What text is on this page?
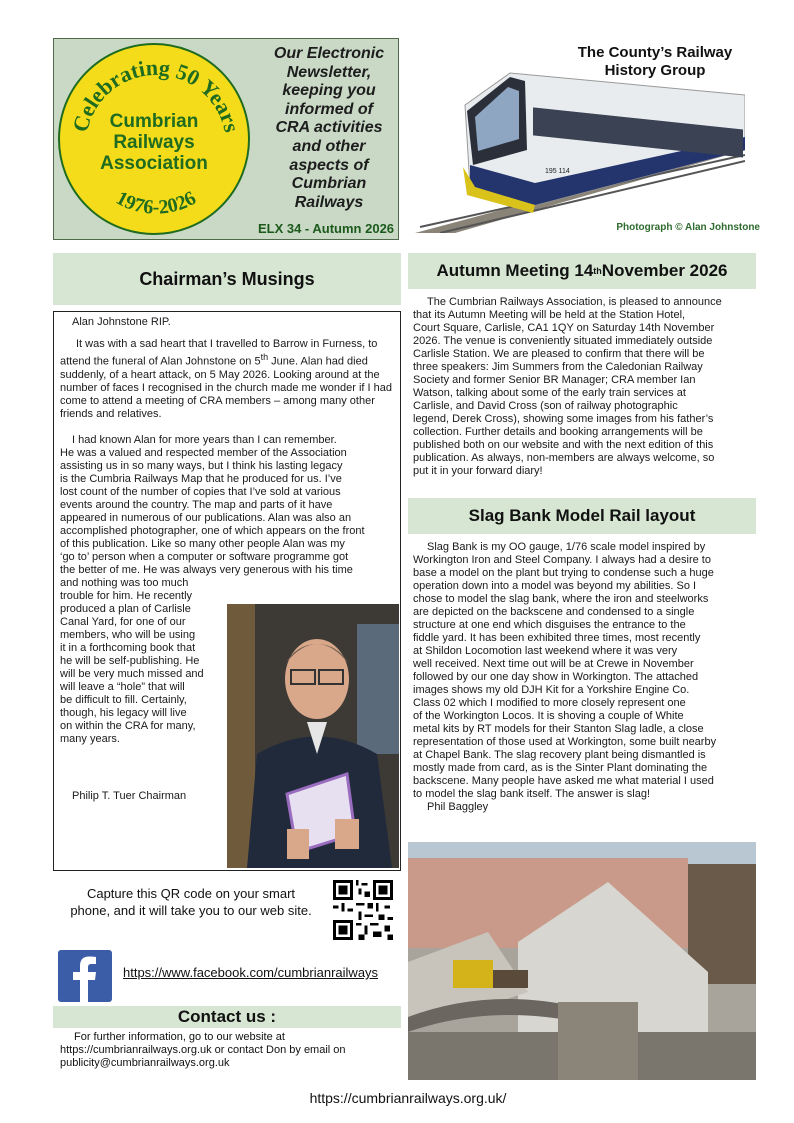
Celebrating 50 Years
Cumbrian
Railways
Association
1976-2026
Our Electronic
Newsletter,
keeping you
informed of
CRA activities
and other
aspects of
Cumbrian
Railways
ELX 34 - Autumn 2026
The County’s Railway
History Group
195 114
Photograph © Alan Johnstone
Chairman’s Musings
Alan Johnstone RIP.

It was with a sad heart that I travelled to Barrow in Furness, to attend the funeral of Alan Johnstone on 5th June. Alan had died suddenly, of a heart attack, on 5 May 2026. Looking around at the number of faces I recognised in the church made me wonder if I had come to attend a meeting of CRA members – among many other friends and relatives.

I had known Alan for more years than I can remember.
He was a valued and respected member of the Association
assisting us in so many ways, but I think his lasting legacy
is the Cumbria Railways Map that he produced for us. I’ve
lost count of the number of copies that I’ve sold at various
events around the country. The map and parts of it have
appeared in numerous of our publications. Alan was also an
accomplished photographer, one of which appears on the front
of this publication. Like so many other people Alan was my
‘go to’ person when a computer or software programme got
the better of me. He was always very generous with his time
and nothing was too much
trouble for him. He recently
produced a plan of Carlisle
Canal Yard, for one of our
members, who will be using
it in a forthcoming book that
he will be self-publishing. He
will be very much missed and
will leave a “hole” that will
be difficult to fill. Certainly,
though, his legacy will live
on within the CRA for many,
many years.
Philip T. Tuer Chairman
Autumn Meeting 14 th November 2026
The Cumbrian Railways Association, is pleased to announce
that its Autumn Meeting will be held at the Station Hotel,
Court Square, Carlisle, CA1 1QY on Saturday 14th November
2026. The venue is conveniently situated immediately outside
Carlisle Station. We are pleased to confirm that there will be
three speakers: Jim Summers from the Caledonian Railway
Society and former Senior BR Manager; CRA member Ian
Watson, talking about some of the early train services at
Carlisle, and David Cross (son of railway photographic
legend, Derek Cross), showing some images from his father’s
collection. Further details and booking arrangements will be
published both on our website and with the next edition of this
publication. As always, non-members are always welcome, so
put it in your forward diary!
Slag Bank Model Rail layout
Slag Bank is my OO gauge, 1/76 scale model inspired by
Workington Iron and Steel Company. I always had a desire to
base a model on the plant but trying to condense such a huge
operation down into a model was beyond my abilities. So I
chose to model the slag bank, where the iron and steelworks
are depicted on the backscene and condensed to a single
structure at one end which disguises the entrance to the
fiddle yard. It has been exhibited three times, most recently
at Shildon Locomotion last weekend where it was very
well received. Next time out will be at Crewe in November
followed by our one day show in Workington. The attached
images shows my old DJH Kit for a Yorkshire Engine Co.
Class 02 which I modified to more closely represent one
of the Workington Locos. It is shoving a couple of White
metal kits by RT models for their Stanton Slag ladle, a close
representation of those used at Workington, some built nearby
at Chapel Bank. The slag recovery plant being dismantled is
mostly made from card, as is the Sinter Plant dominating the
backscene. Many people have asked me what material I used
to model the slag bank itself. The answer is slag!
Phil Baggley
Capture this QR code on your smart
phone, and it will take you to our web site.
https://www.facebook.com/cumbrianrailways
Contact us :
For further information, go to our website at
https://cumbrianrailways.org.uk or contact Don by email on
publicity@cumbrianrailways.org.uk
https://cumbrianrailways.org.uk/
